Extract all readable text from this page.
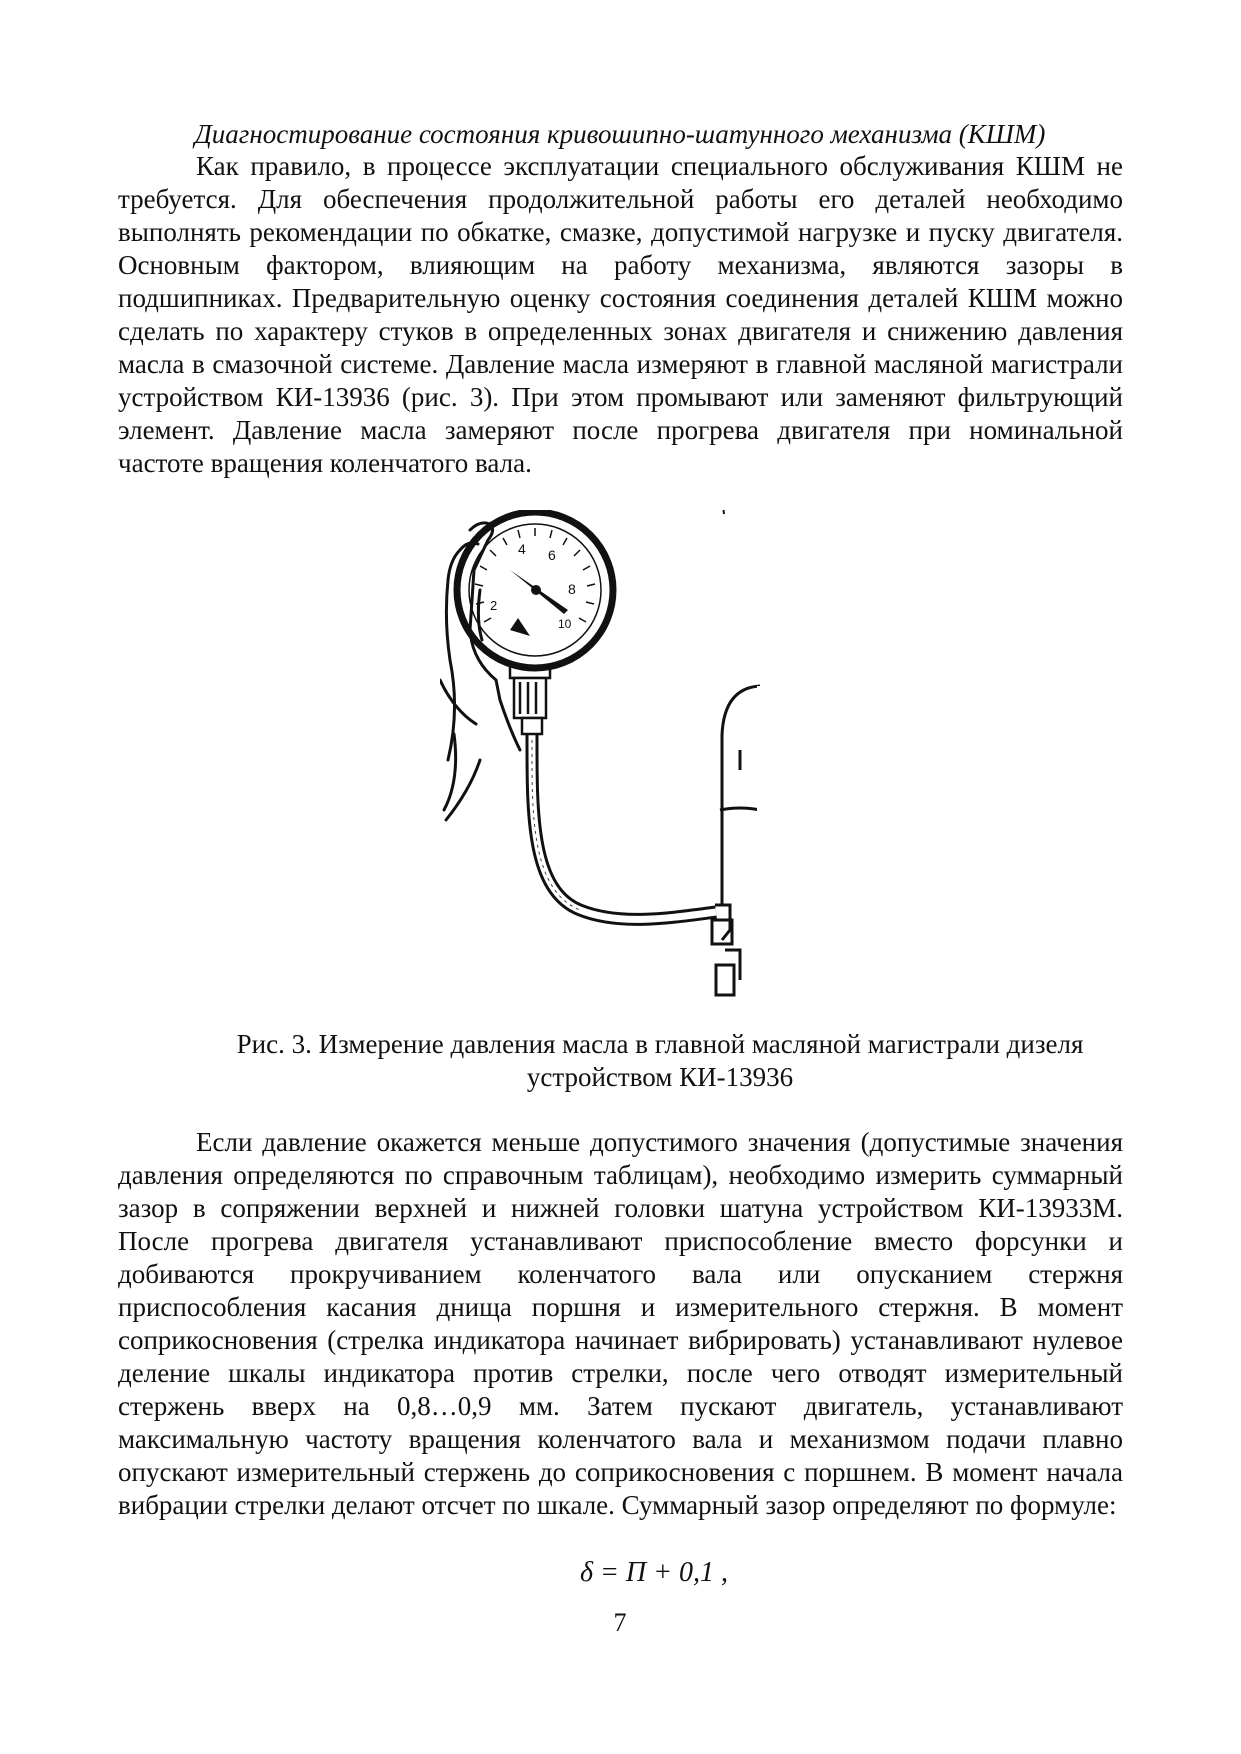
Диагностирование состояния кривошипно-шатунного механизма (КШМ)

Как правило, в процессе эксплуатации специального обслуживания КШМ не требуется. Для обеспечения продолжительной работы его деталей необходимо выполнять рекомендации по обкатке, смазке, допустимой нагрузке и пуску двигателя. Основным фактором, влияющим на работу механизма, являются зазоры в подшипниках. Предварительную оценку состояния соединения деталей КШМ можно сделать по характеру стуков в определенных зонах двигателя и снижению давления масла в смазочной системе. Давление масла измеряют в главной масляной магистрали устройством КИ-13936 (рис. 3). При этом промывают или заменяют фильтрующий элемент. Давление масла замеряют после прогрева двигателя при номинальной частоте вращения коленчатого вала.

2
4 6
8
10

Рис. 3. Измерение давления масла в главной масляной магистрали дизеля
устройством КИ-13936

Если давление окажется меньше допустимого значения (допустимые значения давления определяются по справочным таблицам), необходимо измерить суммарный зазор в сопряжении верхней и нижней головки шатуна устройством КИ-13933М. После прогрева двигателя устанавливают приспособление вместо форсунки и добиваются прокручиванием коленчатого вала или опусканием стержня приспособления касания днища поршня и измерительного стержня. В момент соприкосновения (стрелка индикатора начинает вибрировать) устанавливают нулевое деление шкалы индикатора против стрелки, после чего отводят измерительный стержень вверх на 0,8…0,9 мм. Затем пускают двигатель, устанавливают максимальную частоту вращения коленчатого вала и механизмом подачи плавно опускают измерительный стержень до соприкосновения с поршнем. В момент начала вибрации стрелки делают отсчет по шкале. Суммарный зазор определяют по формуле:

δ = П + 0,1 ,

7
